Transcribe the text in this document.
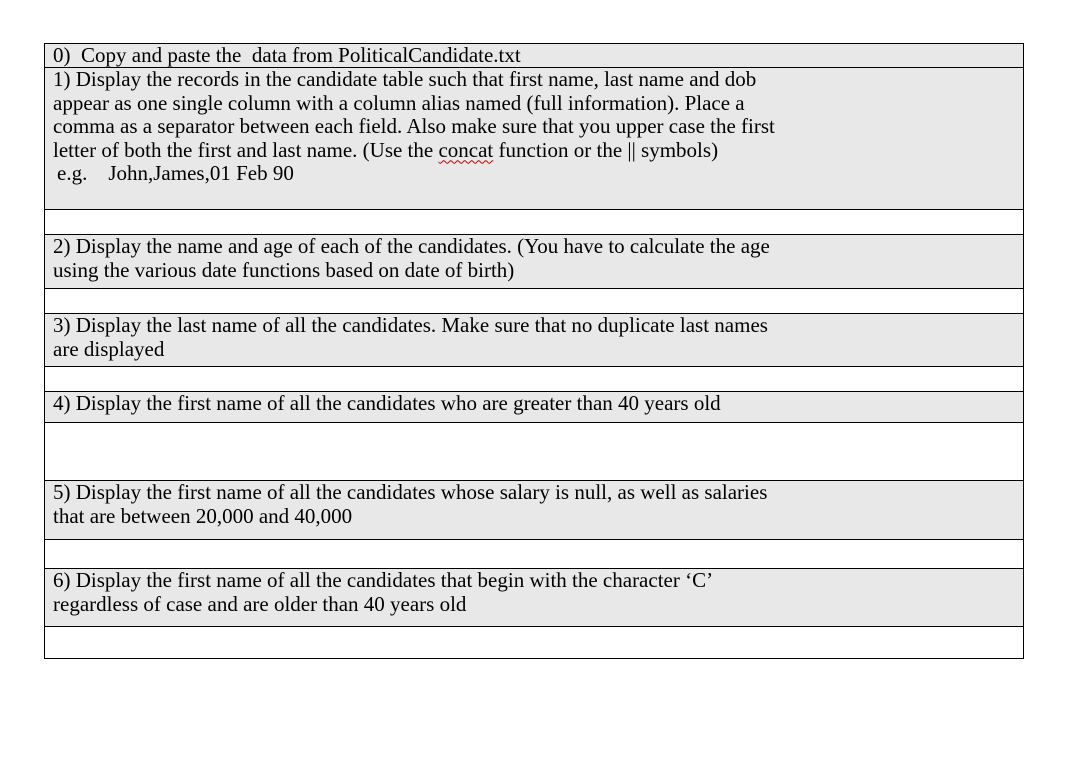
0)  Copy and paste the  data from PoliticalCandidate.txt
1) Display the records in the candidate table such that first name, last name and dob
appear as one single column with a column alias named (full information). Place a
comma as a separator between each field. Also make sure that you upper case the first
letter of both the first and last name. (Use the concat function or the || symbols)
e.g.    John,James,01 Feb 90
2) Display the name and age of each of the candidates. (You have to calculate the age
using the various date functions based on date of birth)
3) Display the last name of all the candidates. Make sure that no duplicate last names
are displayed
4) Display the first name of all the candidates who are greater than 40 years old
5) Display the first name of all the candidates whose salary is null, as well as salaries
that are between 20,000 and 40,000
6) Display the first name of all the candidates that begin with the character ‘C’
regardless of case and are older than 40 years old
